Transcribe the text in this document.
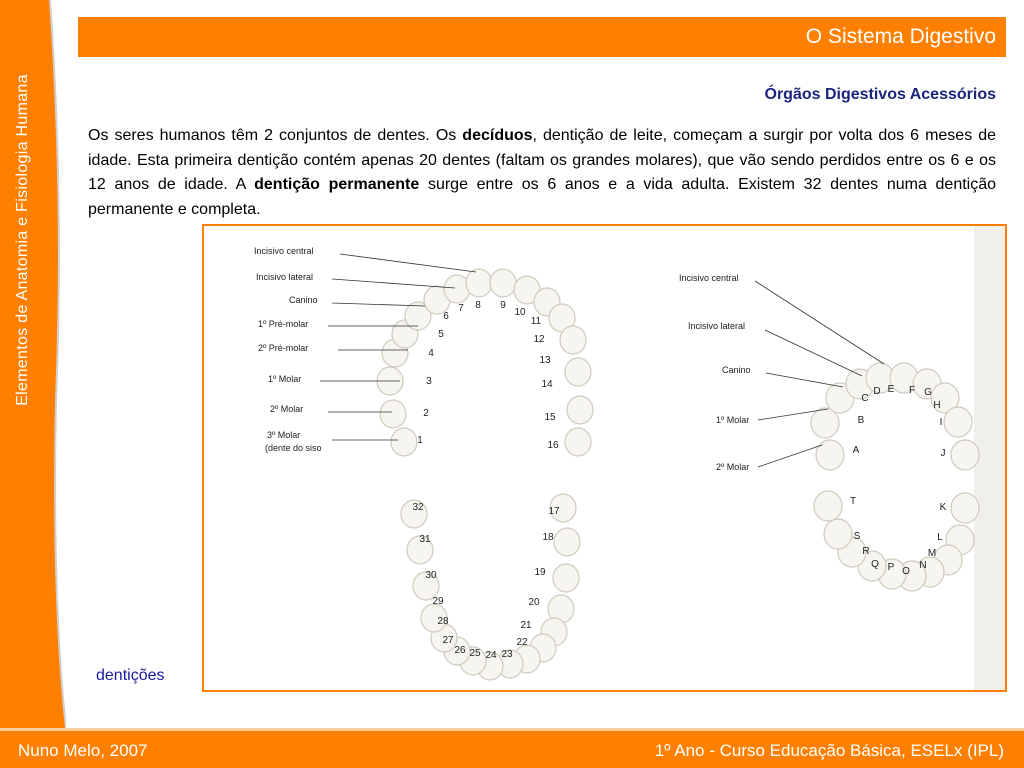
Elementos de Anatomia e Fisiologia Humana
O Sistema Digestivo
Órgãos Digestivos Acessórios
Os seres humanos têm 2 conjuntos de dentes. Os decíduos, dentição de leite, começam a surgir por volta dos 6 meses de idade. Esta primeira dentição contém apenas 20 dentes (faltam os grandes molares), que vão sendo perdidos entre os 6 e os 12 anos de idade. A dentição permanente surge entre os 6 anos e a vida adulta. Existem 32 dentes numa dentição permanente e completa.
1
2
3
4
5
6
7 8 9
10
11
12
13
14
15
16
17
18
19
20
21
22
23
24
25
26
27
28
29
30
31
32
Incisivo central
Incisivo lateral
Canino
1º Pré-molar
2º Pré-molar
1º Molar
2º Molar
3º Molar
(dente do siso	A
B
C
D E F G
H
I
J
K
L
M
N
O
P
Q
R
S
T
Incisivo central
Incisivo lateral
Canino
1º Molar
2º Molar
dentições
Nuno Melo, 2007	1º Ano - Curso Educação Básica, ESELx (IPL)
